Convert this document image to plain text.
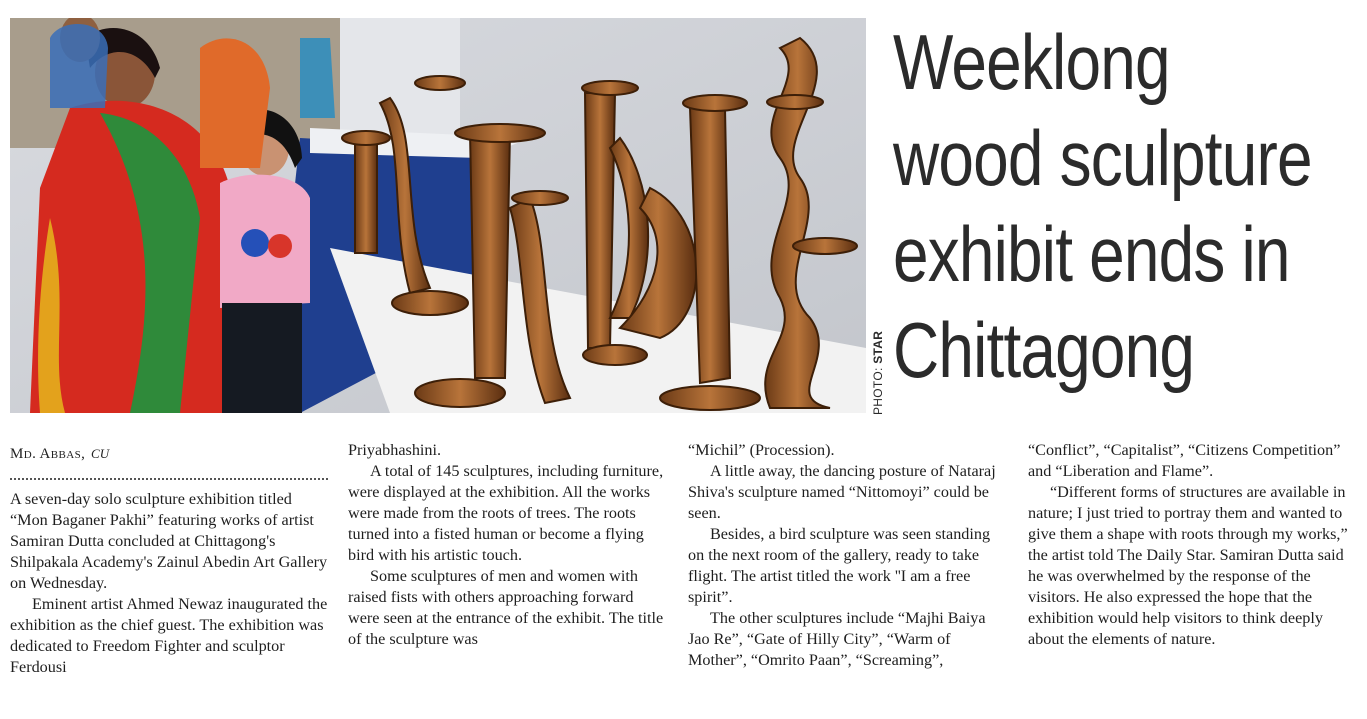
PHOTO: STAR
Weeklong
wood sculpture
exhibit ends in
Chittagong
Md. Abbas, CU

A seven-day solo sculpture exhibition titled “Mon Baganer Pakhi” featuring works of artist Samiran Dutta concluded at Chittagong's Shilpakala Academy's Zainul Abedin Art Gallery on Wednesday.

Eminent artist Ahmed Newaz inaugurated the exhibition as the chief guest. The exhibition was dedicated to Freedom Fighter and sculptor Ferdousi

Priyabhashini.

A total of 145 sculptures, including furniture, were displayed at the exhibition. All the works were made from the roots of trees. The roots turned into a fisted human or become a flying bird with his artistic touch.

Some sculptures of men and women with raised fists with others approaching forward were seen at the entrance of the exhibit. The title of the sculpture was

“Michil” (Procession).

A little away, the dancing posture of Nataraj Shiva's sculpture named “Nittomoyi” could be seen.

Besides, a bird sculpture was seen standing on the next room of the gallery, ready to take flight. The artist titled the work ''I am a free spirit”.

The other sculptures include “Majhi Baiya Jao Re”, “Gate of Hilly City”, “Warm of Mother”, “Omrito Paan”, “Screaming”,

“Conflict”, “Capitalist”, “Citizens Competition” and “Liberation and Flame”.

“Different forms of structures are available in nature; I just tried to portray them and wanted to give them a shape with roots through my works,” the artist told The Daily Star. Samiran Dutta said he was overwhelmed by the response of the visitors. He also expressed the hope that the exhibition would help visitors to think deeply about the elements of nature.
